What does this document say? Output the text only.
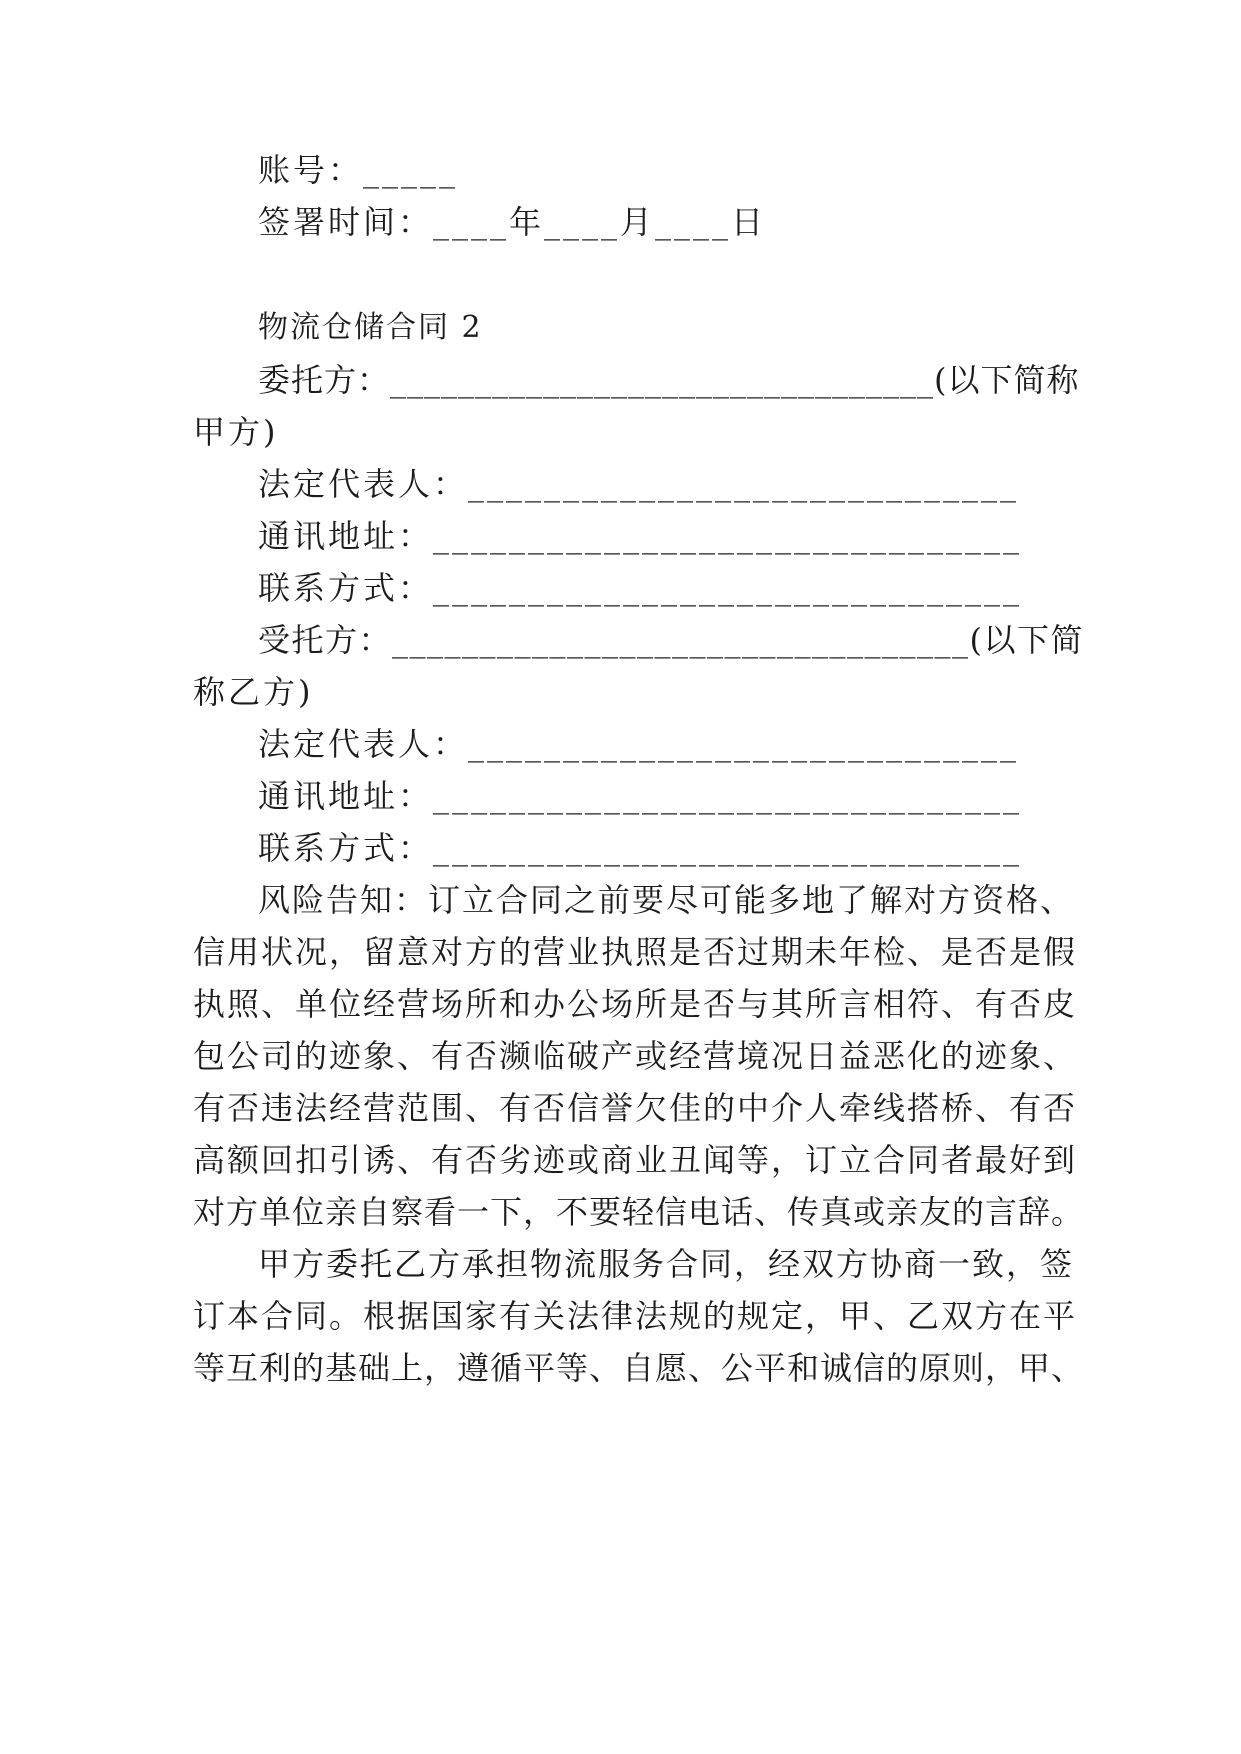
账号：_____
签署时间：____年____月____日
物流仓储合同 2
委托方：________________________________(以下简称
甲方)
法定代表人：_____________________________
通讯地址：_______________________________
联系方式：_______________________________
受托方：_________________________________(以下简
称乙方)
法定代表人：_____________________________
通讯地址：_______________________________
联系方式：_______________________________
风险告知：订立合同之前要尽可能多地了解对方资格、
信用状况，留意对方的营业执照是否过期未年检、是否是假
执照、单位经营场所和办公场所是否与其所言相符、有否皮
包公司的迹象、有否濒临破产或经营境况日益恶化的迹象、
有否违法经营范围、有否信誉欠佳的中介人牵线搭桥、有否
高额回扣引诱、有否劣迹或商业丑闻等，订立合同者最好到
对方单位亲自察看一下，不要轻信电话、传真或亲友的言辞。
甲方委托乙方承担物流服务合同，经双方协商一致，签
订本合同。根据国家有关法律法规的规定，甲、乙双方在平
等互利的基础上，遵循平等、自愿、公平和诚信的原则，甲、
